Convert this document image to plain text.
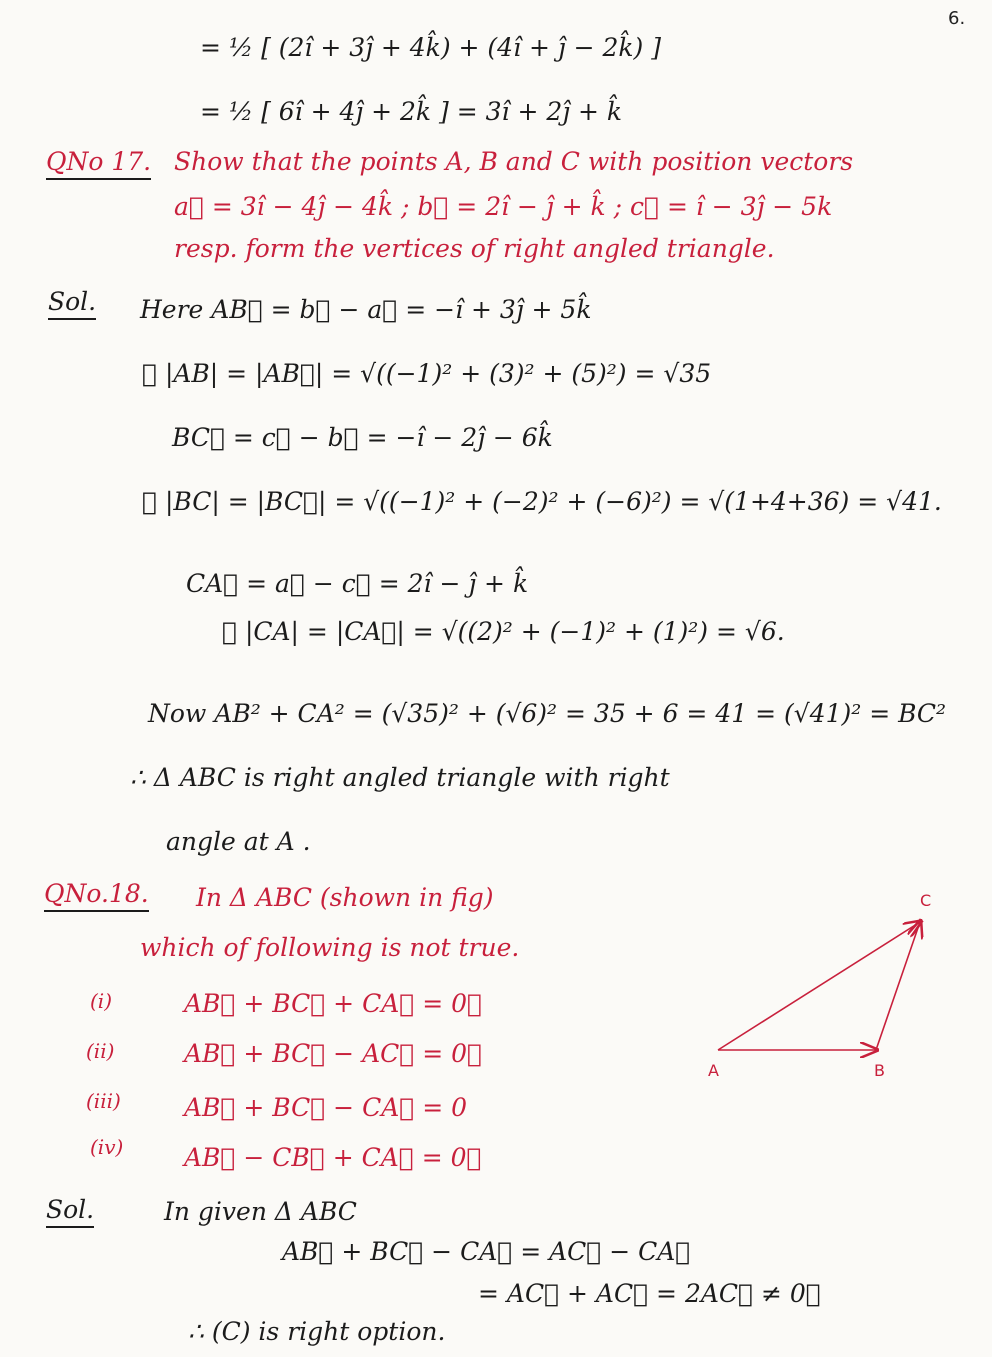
6.
= ½ [ (2î + 3ĵ + 4k̂) + (4î + ĵ − 2k̂) ]
= ½ [ 6î + 4ĵ + 2k̂ ] = 3î + 2ĵ + k̂
QNo 17. Show that the points A, B and C with position vectors
a⃗ = 3î − 4ĵ − 4k̂ ; b⃗ = 2î − ĵ + k̂ ; c⃗ = î − 3ĵ − 5k
resp. form the vertices of right angled triangle.
Sol. Here AB⃗ = b⃗ − a⃗ = −î + 3ĵ + 5k̂
∴ |AB| = |AB⃗| = √((−1)² + (3)² + (5)²) = √35
BC⃗ = c⃗ − b⃗ = −î − 2ĵ − 6k̂
∴ |BC| = |BC⃗| = √((−1)² + (−2)² + (−6)²) = √(1+4+36) = √41.
CA⃗ = a⃗ − c⃗ = 2î − ĵ + k̂
∴ |CA| = |CA⃗| = √((2)² + (−1)² + (1)²) = √6.
Now AB² + CA² = (√35)² + (√6)² = 35 + 6 = 41 = (√41)² = BC²
∴ Δ ABC is right angled triangle with right
angle at A .
QNo.18. In Δ ABC (shown in fig)
which of following is not true.
(i)	AB⃗ + BC⃗ + CA⃗ = 0⃗
(ii)	AB⃗ + BC⃗ − AC⃗ = 0⃗
(iii)	AB⃗ + BC⃗ − CA⃗ = 0
(iv) AB⃗ − CB⃗ + CA⃗ = 0⃗
A	B
C
Sol.	In given Δ ABC
AB⃗ + BC⃗ − CA⃗ = AC⃗ − CA⃗
= AC⃗ + AC⃗ = 2AC⃗ ≠ 0⃗
∴ (C) is right option.
